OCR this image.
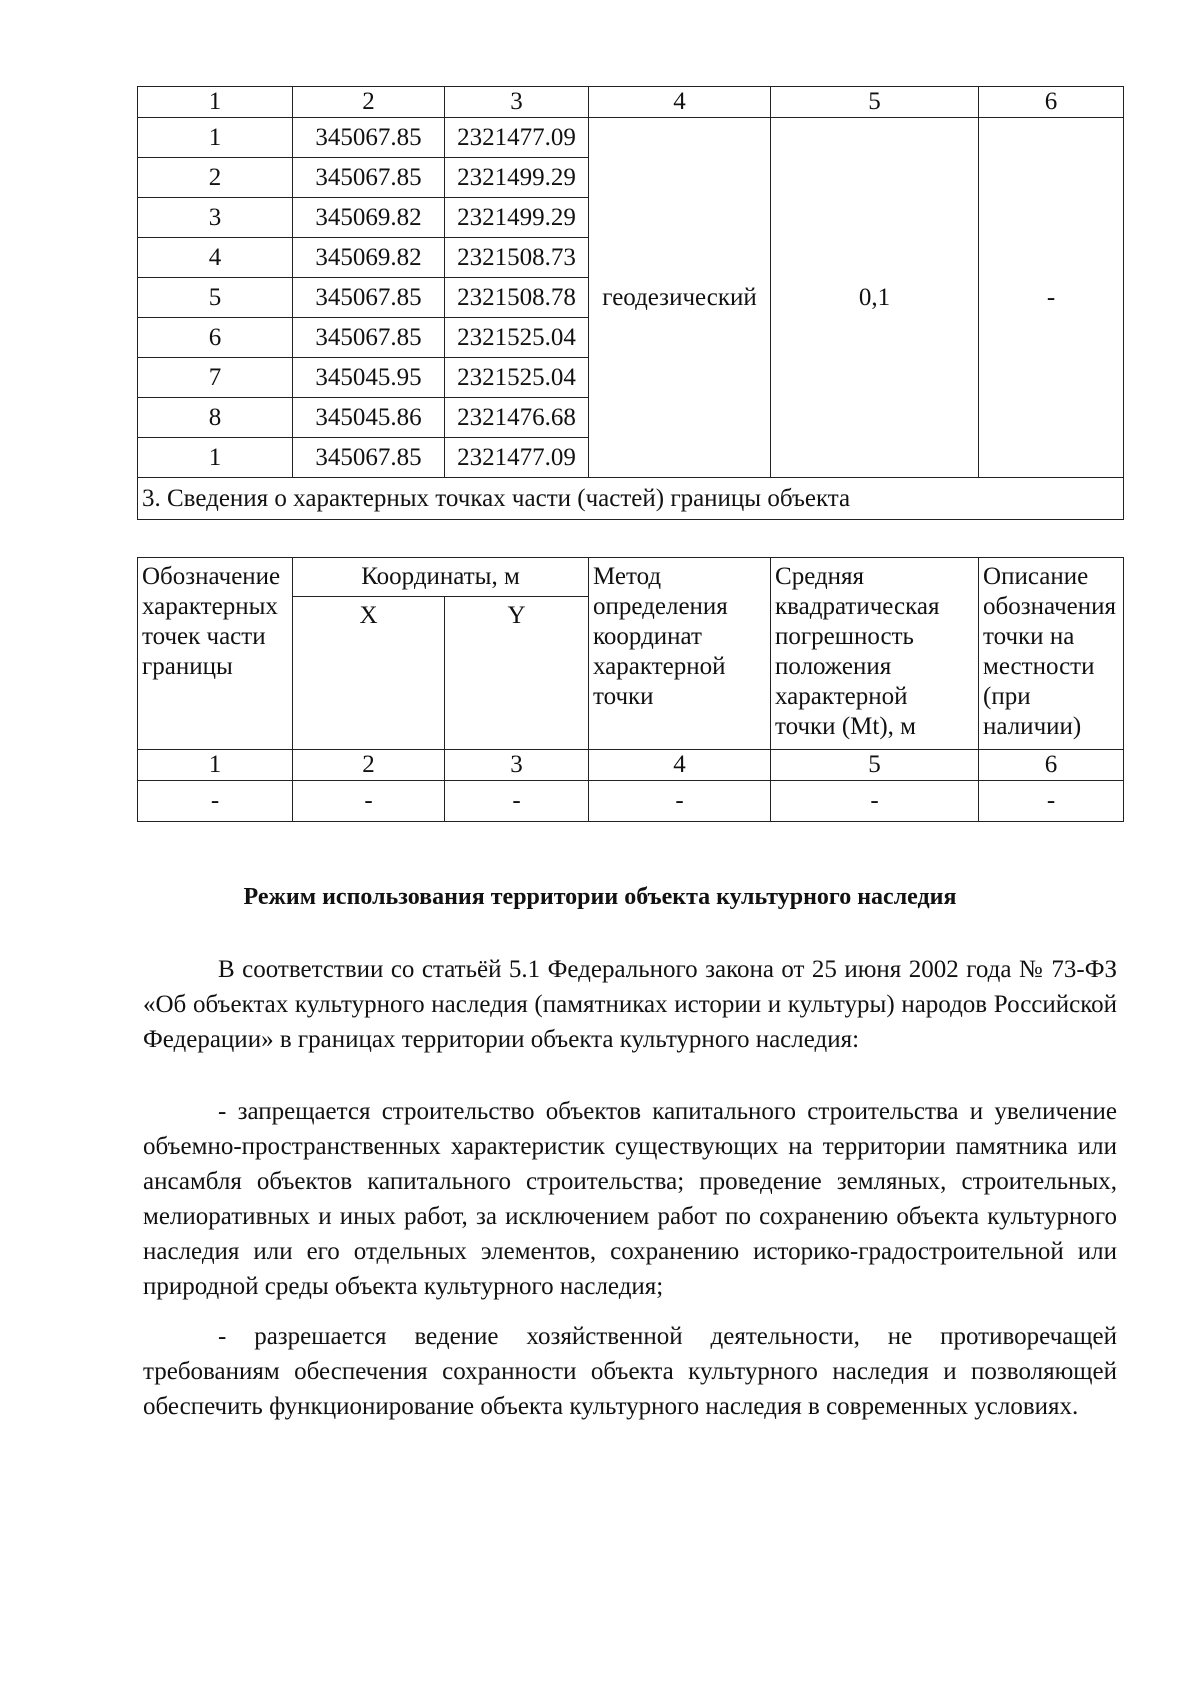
1	2	3	4	5	6
1	345067.85	2321477.09	геодезический	0,1	-
2	345067.85	2321499.29			
3	345069.82	2321499.29			
4	345069.82	2321508.73			
5	345067.85	2321508.78			
6	345067.85	2321525.04			
7	345045.95	2321525.04			
8	345045.86	2321476.68			
1	345067.85	2321477.09			
3. Сведения о характерных точках части (частей) границы объекта					
Обозначение характерных точек части границы	Координаты, м		Метод определения координат характерной точки	Средняя квадратическая погрешность положения характерной точки (Mt), м	Описание обозначения точки на местности (при наличии)
	X	Y			
1	2	3	4	5	6
-	-	-	-	-	-
Режим использования территории объекта культурного наследия

В соответствии со статьёй 5.1 Федерального закона от 25 июня 2002 года № 73-ФЗ «Об объектах культурного наследия (памятниках истории и культуры) народов Российской Федерации» в границах территории объекта культурного наследия:

- запрещается строительство объектов капитального строительства и увеличение объемно-пространственных характеристик существующих на территории памятника или ансамбля объектов капитального строительства; проведение земляных, строительных, мелиоративных и иных работ, за исключением работ по сохранению объекта культурного наследия или его отдельных элементов, сохранению историко-градостроительной или природной среды объекта культурного наследия;

- разрешается ведение хозяйственной деятельности, не противоречащей требованиям обеспечения сохранности объекта культурного наследия и позволяющей обеспечить функционирование объекта культурного наследия в современных условиях.
